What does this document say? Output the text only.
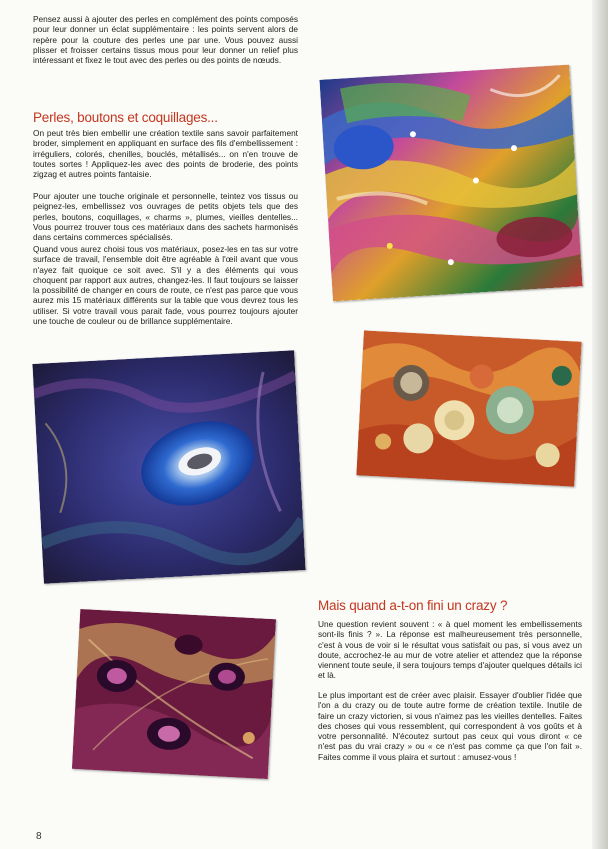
Pensez aussi à ajouter des perles en complément des points composés pour leur donner un éclat supplémentaire : les points servent alors de repère pour la couture des perles une par une. Vous pouvez aussi plisser et froisser certains tissus mous pour leur donner un relief plus intéressant et fixez le tout avec des perles ou des points de nœuds.

Perles, boutons et coquillages...

On peut très bien embellir une création textile sans savoir parfaitement broder, simplement en appliquant en surface des fils d'embellissement : irréguliers, colorés, chenilles, bouclés, métallisés... on n'en trouve de toutes sortes ! Appliquez-les avec des points de broderie, des points zigzag et autres points fantaisie.

Pour ajouter une touche originale et personnelle, teintez vos tissus ou peignez-les, embellissez vos ouvrages de petits objets tels que des perles, boutons, coquillages, « charms », plumes, vieilles dentelles... Vous pourrez trouver tous ces matériaux dans des sachets harmonisés dans certains commerces spécialisés.

Quand vous aurez choisi tous vos matériaux, posez-les en tas sur votre surface de travail, l'ensemble doit être agréable à l'œil avant que vous n'ayez fait quoique ce soit avec. S'il y a des éléments qui vous choquent par rapport aux autres, changez-les. Il faut toujours se laisser la possibilité de changer en cours de route, ce n'est pas parce que vous aurez mis 15 matériaux différents sur la table que vous devrez tous les utiliser. Si votre travail vous parait fade, vous pourrez toujours ajouter une touche de couleur ou de brillance supplémentaire.

Mais quand a-t-on fini un crazy ?

Une question revient souvent : « à quel moment les embellissements sont-ils finis ? ». La réponse est malheureusement très personnelle, c'est à vous de voir si le résultat vous satisfait ou pas, si vous avez un doute, accrochez-le au mur de votre atelier et attendez que la réponse viennent toute seule, il sera toujours temps d'ajouter quelques détails ici et là.

Le plus important est de créer avec plaisir. Essayer d'oublier l'idée que l'on a du crazy ou de toute autre forme de création textile. Inutile de faire un crazy victorien, si vous n'aimez pas les vieilles dentelles. Faites des choses qui vous ressemblent, qui correspondent à vos goûts et à votre personnalité. N'écoutez surtout pas ceux qui vous diront « ce n'est pas du vrai crazy » ou « ce n'est pas comme ça que l'on fait ». Faites comme il vous plaira et surtout : amusez-vous !

8
